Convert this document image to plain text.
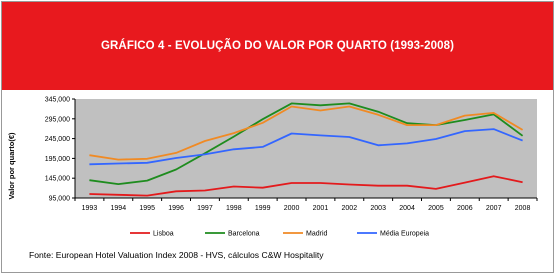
GRÁFICO 4 - EVOLUÇÃO DO VALOR POR QUARTO (1993-2008)
Valor por quarto(€)	95,000
145,000
195,000
245,000
295,000
345,000
1993 1994 1995 1996 1997 1998 1999 2000 2001 2002 2003 2004 2005 2006 2007 2008
Lisboa	Barcelona	Madrid	Média Europeia
Fonte: European Hotel Valuation Index 2008 - HVS, cálculos C&W Hospitality
